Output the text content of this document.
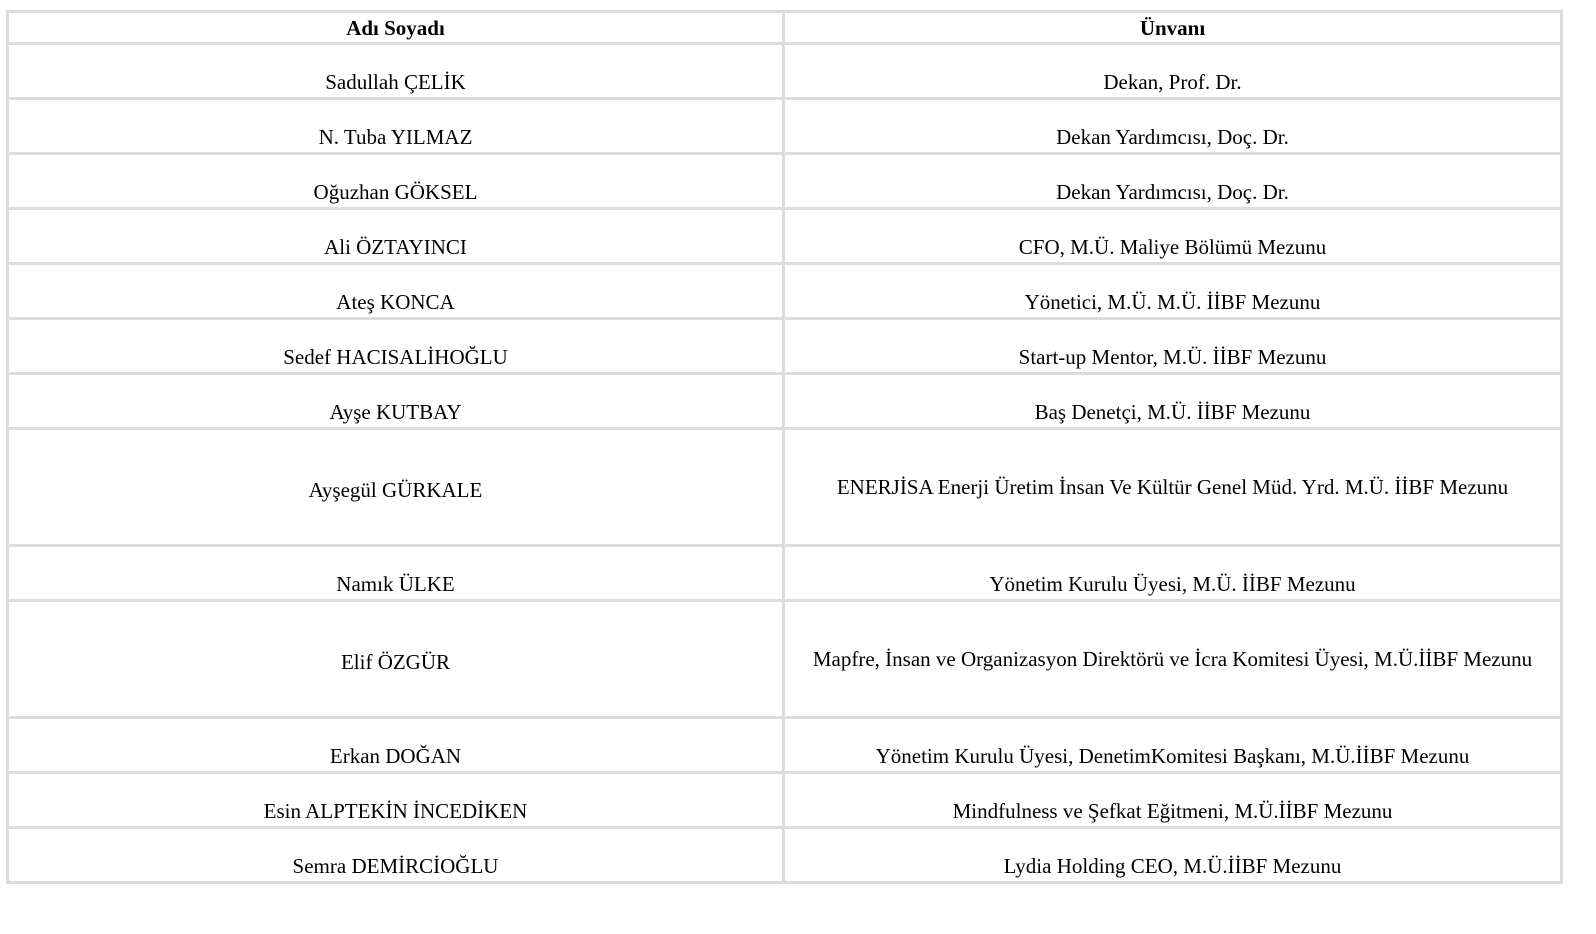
Adı Soyadı	Ünvanı

Sadullah ÇELİK	Dekan, Prof. Dr.

N. Tuba YILMAZ	Dekan Yardımcısı, Doç. Dr.

Oğuzhan GÖKSEL	Dekan Yardımcısı, Doç. Dr.

Ali ÖZTAYINCI	CFO, M.Ü. Maliye Bölümü Mezunu

Ateş KONCA	Yönetici, M.Ü. M.Ü. İİBF Mezunu

Sedef HACISALİHOĞLU	Start-up Mentor, M.Ü. İİBF Mezunu

Ayşe KUTBAY	Baş Denetçi, M.Ü. İİBF Mezunu

Ayşegül GÜRKALE	ENERJİSA Enerji Üretim İnsan Ve Kültür Genel Müd. Yrd. M.Ü. İİBF Mezunu

Namık ÜLKE	Yönetim Kurulu Üyesi, M.Ü. İİBF Mezunu

Elif ÖZGÜR	Mapfre, İnsan ve Organizasyon Direktörü ve İcra Komitesi Üyesi, M.Ü.İİBF Mezunu

Erkan DOĞAN	Yönetim Kurulu Üyesi, DenetimKomitesi Başkanı, M.Ü.İİBF Mezunu

Esin ALPTEKİN İNCEDİKEN	Mindfulness ve Şefkat Eğitmeni, M.Ü.İİBF Mezunu

Semra DEMİRCİOĞLU	Lydia Holding CEO, M.Ü.İİBF Mezunu
